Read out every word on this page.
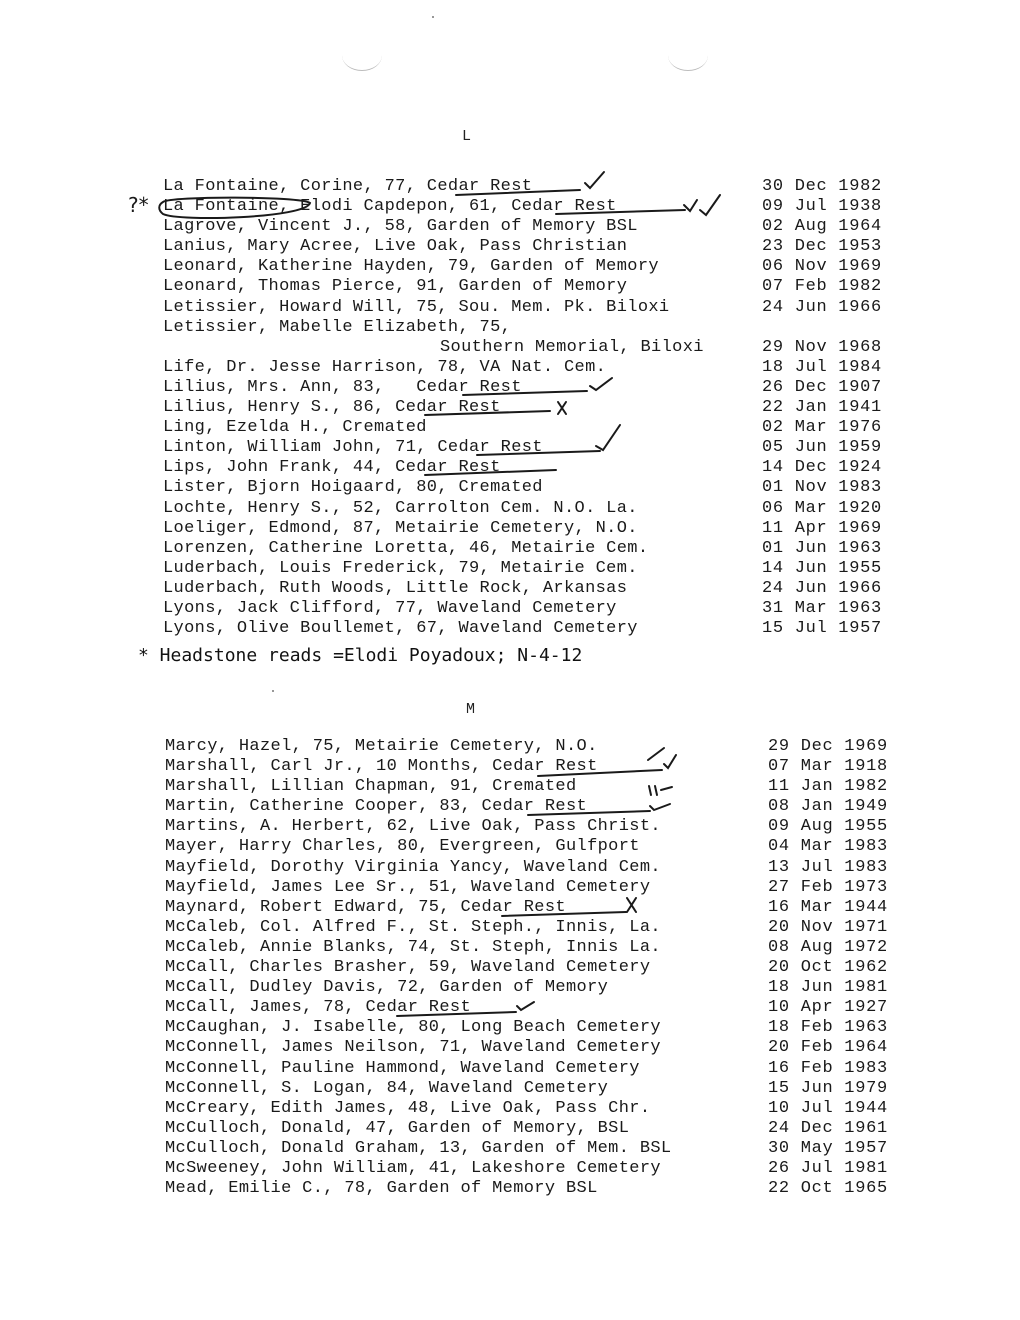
L
La Fontaine, Corine, 77, Cedar Rest	30 Dec 1982
La Fontaine, Elodi Capdepon, 61, Cedar Rest	09 Jul 1938
Lagrove, Vincent J., 58, Garden of Memory BSL	02 Aug 1964
Lanius, Mary Acree, Live Oak, Pass Christian	23 Dec 1953
Leonard, Katherine Hayden, 79, Garden of Memory	06 Nov 1969
Leonard, Thomas Pierce, 91, Garden of Memory	07 Feb 1982
Letissier, Howard Will, 75, Sou. Mem. Pk. Biloxi	24 Jun 1966
Letissier, Mabelle Elizabeth, 75,
Southern Memorial, Biloxi	29 Nov 1968
Life, Dr. Jesse Harrison, 78, VA Nat. Cem.	18 Jul 1984
Lilius, Mrs. Ann, 83,   Cedar Rest	26 Dec 1907
Lilius, Henry S., 86, Cedar Rest	22 Jan 1941
Ling, Ezelda H., Cremated	02 Mar 1976
Linton, William John, 71, Cedar Rest	05 Jun 1959
Lips, John Frank, 44, Cedar Rest	14 Dec 1924
Lister, Bjorn Hoigaard, 80, Cremated	01 Nov 1983
Lochte, Henry S., 52, Carrolton Cem. N.O. La.	06 Mar 1920
Loeliger, Edmond, 87, Metairie Cemetery, N.O.	11 Apr 1969
Lorenzen, Catherine Loretta, 46, Metairie Cem.	01 Jun 1963
Luderbach, Louis Frederick, 79, Metairie Cem.	14 Jun 1955
Luderbach, Ruth Woods, Little Rock, Arkansas	24 Jun 1966
Lyons, Jack Clifford, 77, Waveland Cemetery	31 Mar 1963
Lyons, Olive Boullemet, 67, Waveland Cemetery	15 Jul 1957
* Headstone reads =Elodi Poyadoux; N-4-12
M
Marcy, Hazel, 75, Metairie Cemetery, N.O.	29 Dec 1969
Marshall, Carl Jr., 10 Months, Cedar Rest	07 Mar 1918
Marshall, Lillian Chapman, 91, Cremated	11 Jan 1982
Martin, Catherine Cooper, 83, Cedar Rest	08 Jan 1949
Martins, A. Herbert, 62, Live Oak, Pass Christ.	09 Aug 1955
Mayer, Harry Charles, 80, Evergreen, Gulfport	04 Mar 1983
Mayfield, Dorothy Virginia Yancy, Waveland Cem.	13 Jul 1983
Mayfield, James Lee Sr., 51, Waveland Cemetery	27 Feb 1973
Maynard, Robert Edward, 75, Cedar Rest	16 Mar 1944
McCaleb, Col. Alfred F., St. Steph., Innis, La.	20 Nov 1971
McCaleb, Annie Blanks, 74, St. Steph, Innis La.	08 Aug 1972
McCall, Charles Brasher, 59, Waveland Cemetery	20 Oct 1962
McCall, Dudley Davis, 72, Garden of Memory	18 Jun 1981
McCall, James, 78, Cedar Rest	10 Apr 1927
McCaughan, J. Isabelle, 80, Long Beach Cemetery	18 Feb 1963
McConnell, James Neilson, 71, Waveland Cemetery	20 Feb 1964
McConnell, Pauline Hammond, Waveland Cemetery	16 Feb 1983
McConnell, S. Logan, 84, Waveland Cemetery	15 Jun 1979
McCreary, Edith James, 48, Live Oak, Pass Chr.	10 Jul 1944
McCulloch, Donald, 47, Garden of Memory, BSL	24 Dec 1961
McCulloch, Donald Graham, 13, Garden of Mem. BSL	30 May 1957
McSweeney, John William, 41, Lakeshore Cemetery	26 Jul 1981
Mead, Emilie C., 78, Garden of Memory BSL	22 Oct 1965
?*
